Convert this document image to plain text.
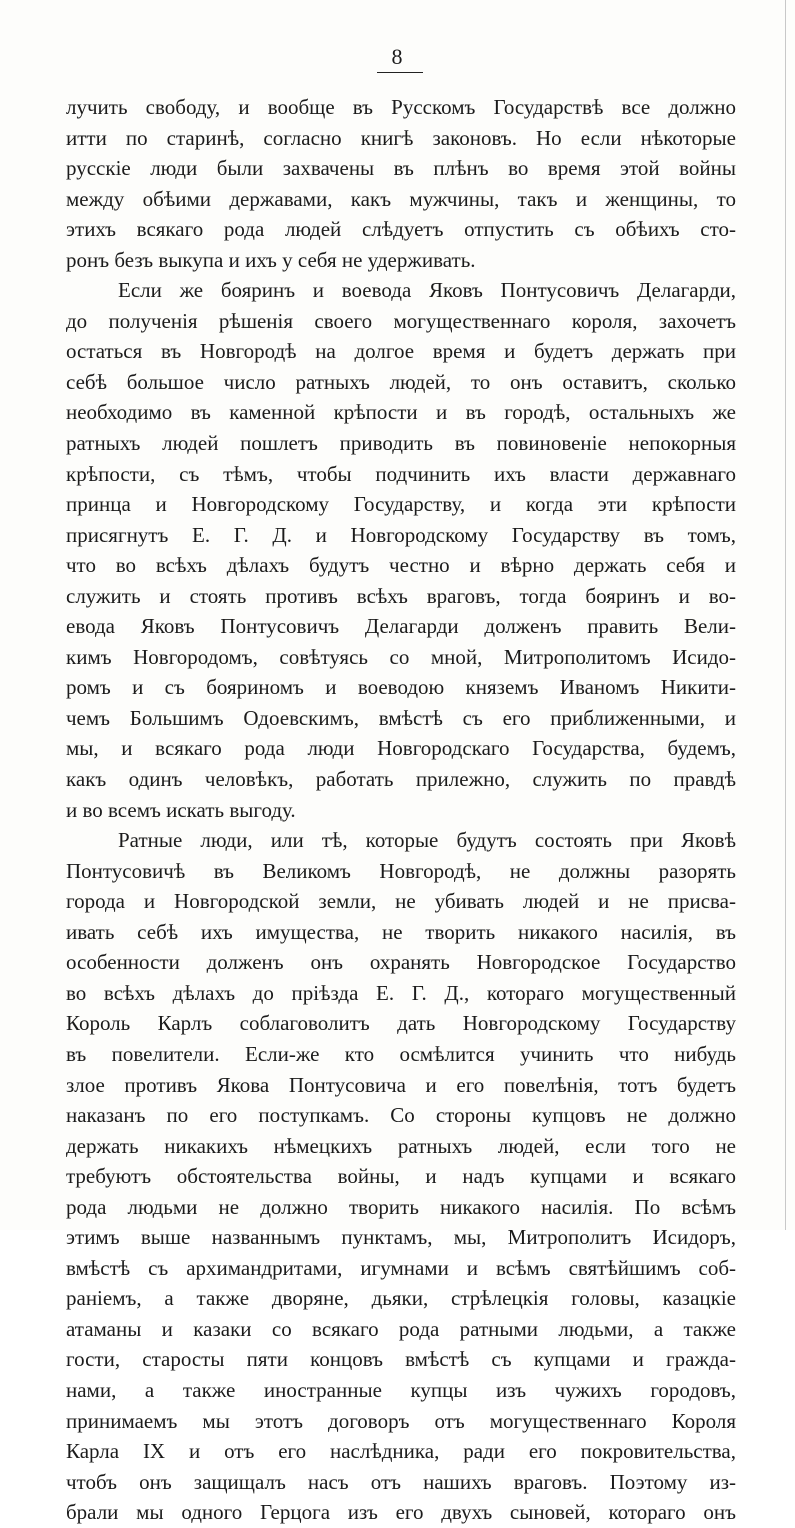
8
лучить свободу, и вообще въ Русскомъ Государствѣ все должно
итти по старинѣ, согласно книгѣ законовъ. Но если нѣкоторые
русскіе люди были захвачены въ плѣнъ во время этой войны
между обѣими державами, какъ мужчины, такъ и женщины, то
этихъ всякаго рода людей слѣдуетъ отпустить съ обѣихъ сто-
ронъ безъ выкупа и ихъ у себя не удерживать.
Если же бояринъ и воевода Яковъ Понтусовичъ Делагарди,
до полученія рѣшенія своего могущественнаго короля, захочетъ
остаться въ Новгородѣ на долгое время и будетъ держать при
себѣ большое число ратныхъ людей, то онъ оставитъ, сколько
необходимо въ каменной крѣпости и въ городѣ, остальныхъ же
ратныхъ людей пошлетъ приводить въ повиновеніе непокорныя
крѣпости, съ тѣмъ, чтобы подчинить ихъ власти державнаго
принца и Новгородскому Государству, и когда эти крѣпости
присягнутъ Е. Г. Д. и Новгородскому Государству въ томъ,
что во всѣхъ дѣлахъ будутъ честно и вѣрно держать себя и
служить и стоять противъ всѣхъ враговъ, тогда бояринъ и во-
евода Яковъ Понтусовичъ Делагарди долженъ править Вели-
кимъ Новгородомъ, совѣтуясь со мной, Митрополитомъ Исидо-
ромъ и съ бояриномъ и воеводою княземъ Иваномъ Никити-
чемъ Большимъ Одоевскимъ, вмѣстѣ съ его приближенными, и
мы, и всякаго рода люди Новгородскаго Государства, будемъ,
какъ одинъ человѣкъ, работать прилежно, служить по правдѣ
и во всемъ искать выгоду.
Ратные люди, или тѣ, которые будутъ состоять при Яковѣ
Понтусовичѣ въ Великомъ Новгородѣ, не должны разорять
города и Новгородской земли, не убивать людей и не присва-
ивать себѣ ихъ имущества, не творить никакого насилія, въ
особенности долженъ онъ охранять Новгородское Государство
во всѣхъ дѣлахъ до пріѣзда Е. Г. Д., котораго могущественный
Король Карлъ соблаговолитъ дать Новгородскому Государству
въ повелители. Если-же кто осмѣлится учинить что нибудь
злое противъ Якова Понтусовича и его повелѣнія, тотъ будетъ
наказанъ по его поступкамъ. Со стороны купцовъ не должно
держать никакихъ нѣмецкихъ ратныхъ людей, если того не
требуютъ обстоятельства войны, и надъ купцами и всякаго
рода людьми не должно творить никакого насилія. По всѣмъ
этимъ выше названнымъ пунктамъ, мы, Митрополитъ Исидоръ,
вмѣстѣ съ архимандритами, игумнами и всѣмъ святѣйшимъ соб-
раніемъ, а также дворяне, дьяки, стрѣлецкія головы, казацкіе
атаманы и казаки со всякаго рода ратными людьми, а также
гости, старосты пяти концовъ вмѣстѣ съ купцами и гражда-
нами, а также иностранные купцы изъ чужихъ городовъ,
принимаемъ мы этотъ договоръ отъ могущественнаго Короля
Карла IX и отъ его наслѣдника, ради его покровительства,
чтобъ онъ защищалъ насъ отъ нашихъ враговъ. Поэтому из-
брали мы одного Герцога изъ его двухъ сыновей, котораго онъ
